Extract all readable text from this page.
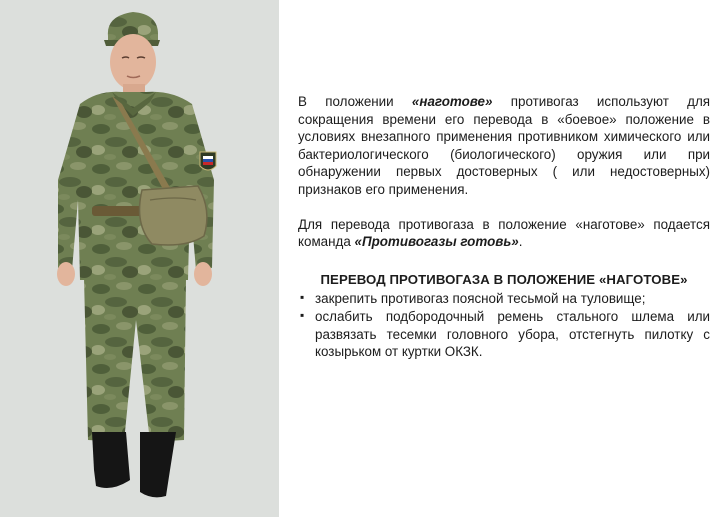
В положении «наготове» противогаз используют для сокращения времени его перевода в «боевое» положение в условиях внезапного применения противником химического или бактериологического (биологического) оружия или при обнаружении первых достоверных ( или недостоверных) признаков его применения.

Для перевода противогаза в положение «наготове» подается команда «Противогазы готовь».

ПЕРЕВОД ПРОТИВОГАЗА В ПОЛОЖЕНИЕ «НАГОТОВЕ»
▪ закрепить противогаз поясной тесьмой на туловище;
▪ ослабить подбородочный ремень стального шлема или развязать тесемки головного убора, отстегнуть пилотку с козырьком от куртки ОКЗК.
